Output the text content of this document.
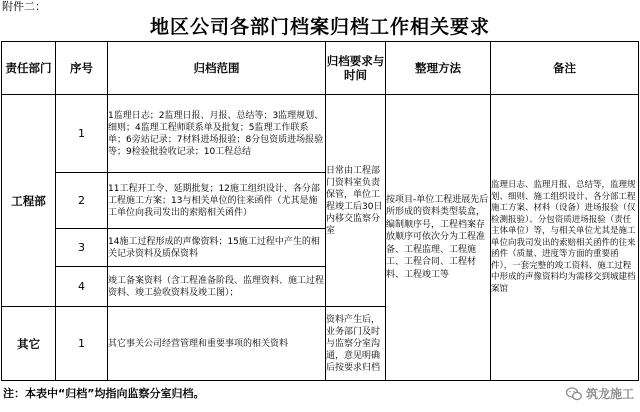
附件二：
地区公司各部门档案归档工作相关要求
责任部门	序号	归档范围	归档要求与时间	整理方法	备注
工程部	1	1监理日志；2监理日报、月报、总结等；3监理规划、细则；4监理工程师联系单及批复；5监理工作联系单；6旁站记录；7材料进场报验；8分包资质进场报验等；9检验批验收记录；10工程总结	日常由工程部门资料室负责保管，单位工程竣工后30日内移交监察分室	按项目-单位工程进展先后所形成的资料类型装盒，编制顺序号，工程档案存放顺序可依次分为工程准备、工程监理、工程施工、工程合同、工程材料、工程竣工等	监理日志、监理月报、总结等，监理规划、细则、施工组织设计、各分部工程施工方案、材料（设备）进场报验（仅检测报验）、分包资质进场报验（责任主体单位）等，与相关单位尤其是施工单位向我司发出的索赔相关函件的往来函件（质量、进度等方面的重要函件），一套完整的竣工资料、施工过程中形成的声像资料均为需移交到城建档案馆
	2	11工程开工令、延期批复；12施工组织设计、各分部工程施工方案；13与相关单位的往来函件（尤其是施工单位向我司发出的索赔相关函件）			
	3	14施工过程形成的声像资料；15施工过程中产生的相关记录资料及质保资料			
	4	竣工备案资料（含工程准备阶段、监理资料、施工过程资料、竣工验收资料及竣工图）；			
其它	1	其它事关公司经营管理和重要事项的相关资料	资料产生后，业务部门及时与监察分室沟通，意见明确后按要求归档		
注：本表中“归档”均指向监察分室归档。	筑龙施工
